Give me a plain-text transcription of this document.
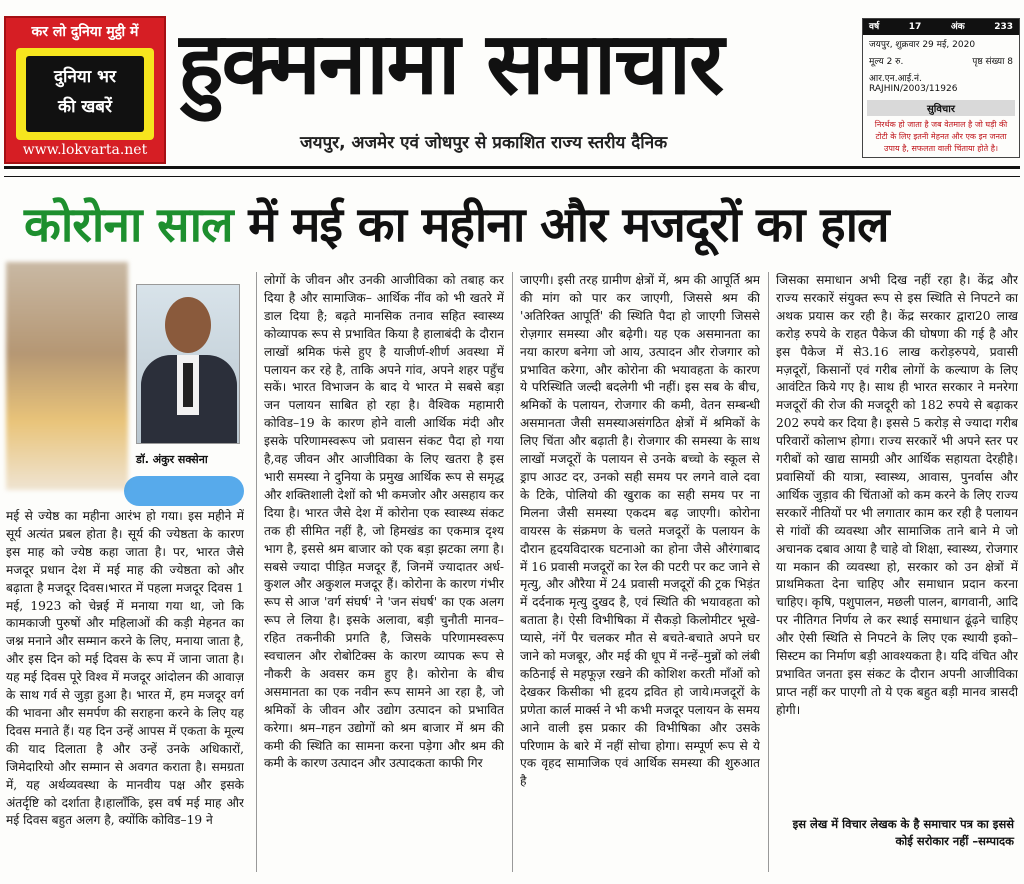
कर लो दुनिया मुट्ठी में
दुनिया भर
की खबरें
www.lokvarta.net
हुक्मनामा समाचार
जयपुर, अजमेर एवं जोधपुर से प्रकाशित राज्य स्तरीय दैनिक
वर्ष	17	अंक	233
जयपुर, शुक्रवार 29 मई, 2020
मूल्य 2 रु.	पृष्ठ संख्या 8
आर.एन.आई.नं. RAJHIN/2003/11926
सुविचार
निरर्थक हो जाता है जब वेतमाल है जो घड़ी की टोटी के लिए इतनी मेहनत और एक इन जनता उपाय है, सफलता वाली चिंताया होते है।
कोरोना साल में मई का महीना और मजदूरों का हाल
डॉ. अंकुर सक्सेना

मई से ज्येष्ठ का महीना आरंभ हो गया। इस महीने में सूर्य अत्यंत प्रबल होता है। सूर्य की ज्येष्ठता के कारण इस माह को ज्येष्ठ कहा जाता है। पर, भारत जैसे मजदूर प्रधान देश में मई माह की ज्येष्ठता को और बढ़ाता है मजदूर दिवस।भारत में पहला मजदूर दिवस 1 मई, 1923 को चेन्नई में मनाया गया था, जो कि कामकाजी पुरुषों और महिलाओं की कड़ी मेहनत का जश्न मनाने और सम्मान करने के लिए, मनाया जाता है, और इस दिन को मई दिवस के रूप में जाना जाता है। यह मई दिवस पूरे विश्व में मजदूर आंदोलन की आवाज़ के साथ गर्व से जुड़ा हुआ है। भारत में, हम मजदूर वर्ग की भावना और समर्पण की सराहना करने के लिए यह दिवस मनाते हैं। यह दिन उन्हें आपस में एकता के मूल्य की याद दिलाता है और उन्हें उनके अधिकारों, जिमेदारियो और सम्मान से अवगत कराता है। समग्रता में, यह अर्थव्यवस्था के मानवीय पक्ष और इसके अंतर्दृष्टि को दर्शाता है।हालाँकि, इस वर्ष मई माह और मई दिवस बहुत अलग है, क्योंकि कोविड–19 ने

लोगों के जीवन और उनकी आजीविका को तबाह कर दिया है और सामाजिक– आर्थिक नींव को भी खतरे में डाल दिया है; बढ़ते मानसिक तनाव सहित स्वास्थ्य कोव्यापक रूप से प्रभावित किया है हालाबंदी के दौरान लाखों श्रमिक फंसे हुए है याजीर्ण-शीर्ण अवस्था में पलायन कर रहे है, ताकि अपने गांव, अपने शहर पहुँच सकें। भारत विभाजन के बाद ये भारत मे सबसे बड़ा जन पलायन साबित हो रहा है। वैश्विक महामारी कोविड–19 के कारण होने वाली आर्थिक मंदी और इसके परिणामस्वरूप जो प्रवासन संकट पैदा हो गया है,वह जीवन और आजीविका के लिए खतरा है इस भारी समस्या ने दुनिया के प्रमुख आर्थिक रूप से समृद्ध और शक्तिशाली देशों को भी कमजोर और असहाय कर दिया है। भारत जैसे देश में कोरोना एक स्वास्थ्य संकट तक ही सीमित नहीं है, जो हिमखंड का एकमात्र दृश्य भाग है, इससे श्रम बाजार को एक बड़ा झटका लगा है। सबसे ज्यादा पीड़ित मजदूर हैं, जिनमें ज्यादातर अर्ध-कुशल और अकुशल मजदूर हैं। कोरोना के कारण गंभीर रूप से आज 'वर्ग संघर्ष' ने 'जन संघर्ष' का एक अलग रूप ले लिया है। इसके अलावा, बड़ी चुनौती मानव–रहित तकनीकी प्रगति है, जिसके परिणामस्वरूप स्वचालन और रोबोटिक्स के कारण व्यापक रूप से नौकरी के अवसर कम हुए है। कोरोना के बीच असमानता का एक नवीन रूप सामने आ रहा है, जो श्रमिकों के जीवन और उद्योग उत्पादन को प्रभावित करेगा। श्रम–गहन उद्योगों को श्रम बाजार में श्रम की कमी की स्थिति का सामना करना पड़ेगा और श्रम की कमी के कारण उत्पादन और उत्पादकता काफी गिर

जाएगी। इसी तरह ग्रामीण क्षेत्रों में, श्रम की आपूर्ति श्रम की मांग को पार कर जाएगी, जिससे श्रम की 'अतिरिक्त आपूर्ति' की स्थिति पैदा हो जाएगी जिससे रोज़गार समस्या और बढ़ेगी। यह एक असमानता का नया कारण बनेगा जो आय, उत्पादन और रोजगार को प्रभावित करेगा, और कोरोना की भयावहता के कारण ये परिस्थिति जल्दी बदलेगी भी नहीं। इस सब के बीच, श्रमिकों के पलायन, रोजगार की कमी, वेतन सम्बन्धी असमानता जैसी समस्याअसंगठित क्षेत्रों में श्रमिकों के लिए चिंता और बढ़ाती है। रोजगार की समस्या के साथ लाखों मजदूरों के पलायन से उनके बच्चो के स्कूल से ड्राप आउट दर, उनको सही समय पर लगने वाले दवा के टिके, पोलियो की खुराक का सही समय पर ना मिलना जैसी समस्या एकदम बढ़ जाएगी। कोरोना वायरस के संक्रमण के चलते मजदूरों के पलायन के दौरान हृदयविदारक घटनाओ का होना जैसे औरंगाबाद में 16 प्रवासी मजदूरों का रेल की पटरी पर कट जाने से मृत्यु, और औरैया में 24 प्रवासी मजदूरों की ट्रक भिड़ंत में दर्दनाक मृत्यु दुखद है, एवं स्थिति की भयावहता को बताता है। ऐसी विभीषिका में सैकड़ो किलोमीटर भूखे-प्यासे, नंगें पैर चलकर मौत से बचते-बचाते अपने घर जाने को मजबूर, और मई की धूप में नन्हें–मुन्नों को लंबी कठिनाई से महफूज़ रखने की कोशिश करती माँओं को देखकर किसीका भी हृदय द्रवित हो जाये।मजदूरों के प्रणेता कार्ल मार्क्स ने भी कभी मजदूर पलायन के समय आने वाली इस प्रकार की विभीषिका और उसके परिणाम के बारे में नहीं सोचा होगा। सम्पूर्ण रूप से ये एक वृहद सामाजिक एवं आर्थिक समस्या की शुरुआत है

जिसका समाधान अभी दिख नहीं रहा है। केंद्र और राज्य सरकारें संयुक्त रूप से इस स्थिति से निपटने का अथक प्रयास कर रही है। केंद्र सरकार द्वारा20 लाख करोड़ रुपये के राहत पैकेज की घोषणा की गई है और इस पैकेज में से3.16 लाख करोड़रुपये, प्रवासी मज़दूरों, किसानों एवं गरीब लोगों के कल्याण के लिए आवंटित किये गए है। साथ ही भारत सरकार ने मनरेगा मजदूरों की रोज की मजदूरी को 182 रुपये से बढ़ाकर 202 रुपये कर दिया है। इससे 5 करोड़ से ज्यादा गरीब परिवारों कोलाभ होगा। राज्य सरकारें भी अपने स्तर पर गरीबों को खाद्य सामग्री और आर्थिक सहायता देरहीहै। प्रवासियों की यात्रा, स्वास्थ्य, आवास, पुनर्वास और आर्थिक जुड़ाव की चिंताओं को कम करने के लिए राज्य सरकारें नीतियों पर भी लगातार काम कर रही है पलायन से गांवों की व्यवस्था और सामाजिक ताने बाने मे जो अचानक दबाव आया है चाहे वो शिक्षा, स्वास्थ्य, रोजगार या मकान की व्यवस्था हो, सरकार को उन क्षेत्रों में प्राथमिकता देना चाहिए और समाधान प्रदान करना चाहिए। कृषि, पशुपालन, मछली पालन, बागवानी, आदि पर नीतिगत निर्णय ले कर स्थाई समाधान ढूंढ़ने चाहिए और ऐसी स्थिति से निपटने के लिए एक स्थायी इको–सिस्टम का निर्माण बड़ी आवश्यकता है। यदि वंचित और प्रभावित जनता इस संकट के दौरान अपनी आजीविका प्राप्त नहीं कर पाएगी तो ये एक बहुत बड़ी मानव त्रासदी होगी।

इस लेख में विचार लेखक के है समाचार पत्र का इससे कोई सरोकार नहीं –सम्पादक
